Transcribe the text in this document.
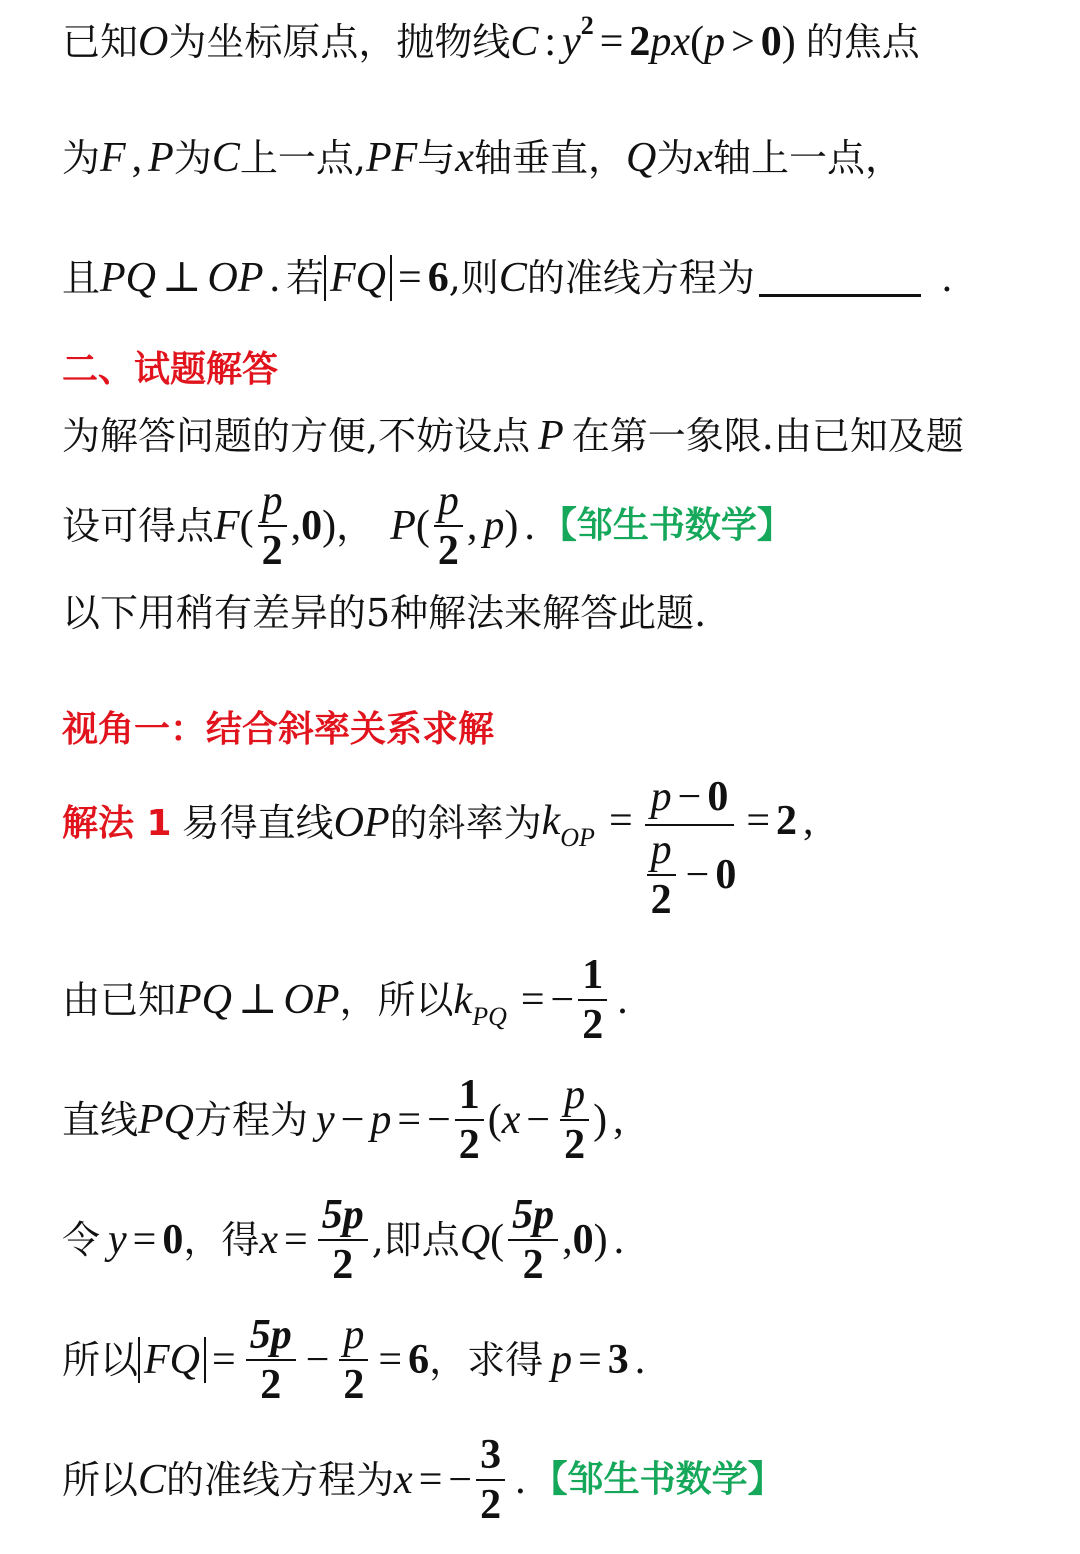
已知 O 为坐标原点，抛物线 C : y 2 = 2 px ( p > 0 ) 的焦点
为 F , P 为 C 上一点, PF 与 x 轴垂直， Q 为 x 轴上一点，
且 PQ ⊥ OP . 若 FQ = 6 ,则 C 的准线方程为	.
二、试题解答
为解答问题的方便,不妨设点 P 在第一象限.由已知及题
设可得点 F ( $\frac{p}{2}$ , 0 ) ， P ( $\frac{p}{2}$ , p ) . 【邹生书数学】
以下用稍有差异的5种解法来解答此题.
视角一：结合斜率关系求解
解法 1 易得直线 OP 的斜率为 k OP = $\frac{p - 0}{\frac{p}{2} - 0} = 2$ ,
由已知 PQ ⊥ OP ，所以 k PQ = − $\frac{1}{2}$ .
直线 PQ 方程为 y − p = − $\frac{1}{2}$ ( $x - \frac{p}{2}$ ) ,
令 y = 0 ，得 $x = \frac{5p}{2}$ ,即点 Q ( $\frac{5p}{2}$ , 0 ) .
所以 FQ = $\frac{5p}{2} - \frac{p}{2} = 6$ ，求得 p = 3 .
所以 C 的准线方程为 x = − $\frac{3}{2}$ . 【邹生书数学】
